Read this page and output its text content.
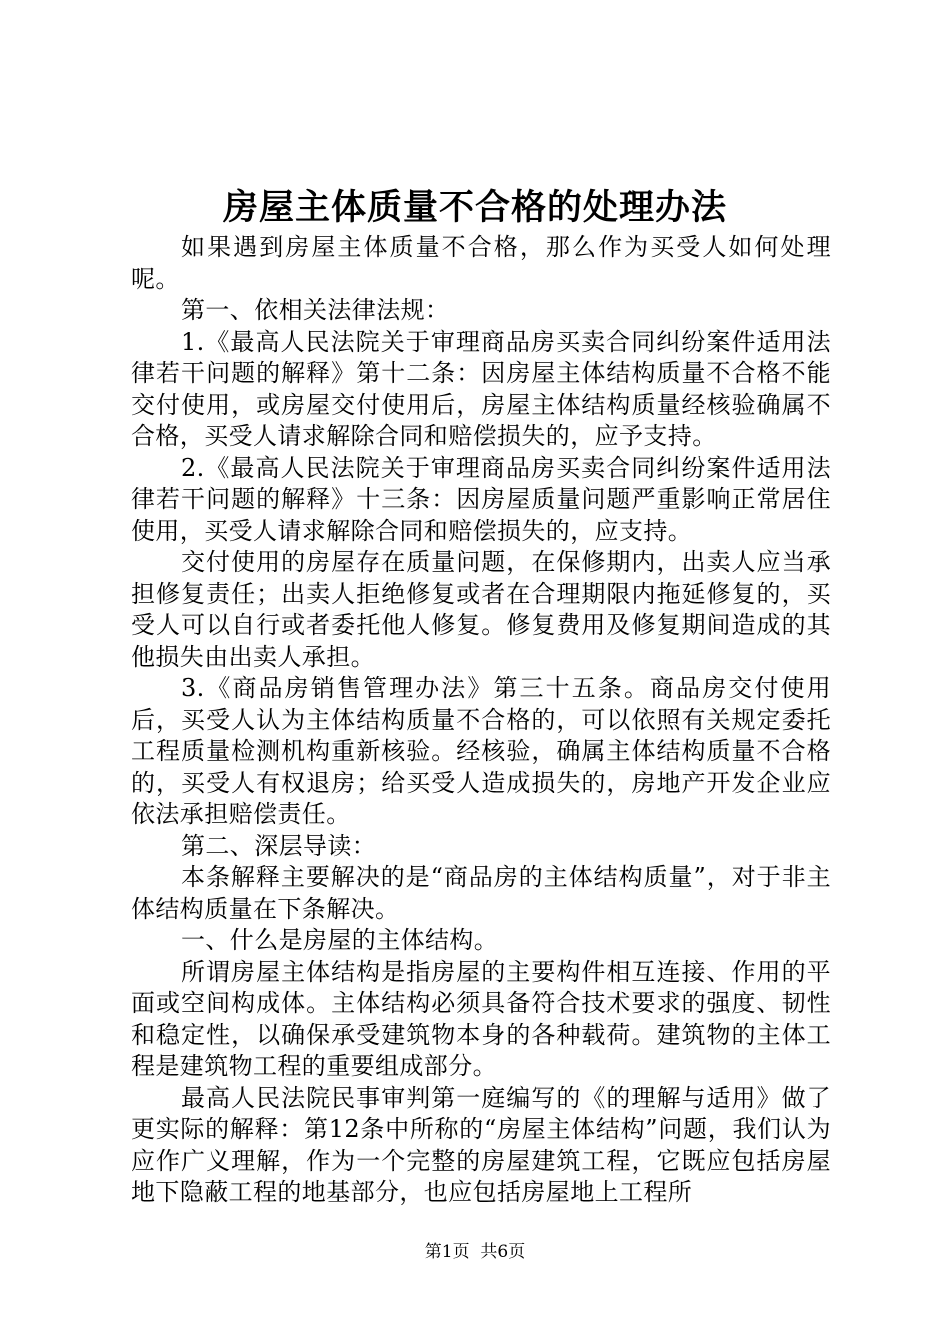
房屋主体质量不合格的处理办法

如果遇到房屋主体质量不合格，那么作为买受人如何处理呢。

第一、依相关法律法规：

1.《最高人民法院关于审理商品房买卖合同纠纷案件适用法律若干问题的解释》第十二条：因房屋主体结构质量不合格不能交付使用，或房屋交付使用后，房屋主体结构质量经核验确属不合格，买受人请求解除合同和赔偿损失的，应予支持。

2.《最高人民法院关于审理商品房买卖合同纠纷案件适用法律若干问题的解释》十三条：因房屋质量问题严重影响正常居住使用，买受人请求解除合同和赔偿损失的，应支持。

交付使用的房屋存在质量问题，在保修期内，出卖人应当承担修复责任；出卖人拒绝修复或者在合理期限内拖延修复的，买受人可以自行或者委托他人修复。修复费用及修复期间造成的其他损失由出卖人承担。

3.《商品房销售管理办法》第三十五条。商品房交付使用后，买受人认为主体结构质量不合格的，可以依照有关规定委托工程质量检测机构重新核验。经核验，确属主体结构质量不合格的，买受人有权退房；给买受人造成损失的，房地产开发企业应依法承担赔偿责任。

第二、深层导读：

本条解释主要解决的是“商品房的主体结构质量”，对于非主体结构质量在下条解决。

一、什么是房屋的主体结构。

所谓房屋主体结构是指房屋的主要构件相互连接、作用的平面或空间构成体。主体结构必须具备符合技术要求的强度、韧性和稳定性，以确保承受建筑物本身的各种载荷。建筑物的主体工程是建筑物工程的重要组成部分。

最高人民法院民事审判第一庭编写的《的理解与适用》做了更实际的解释：第12条中所称的“房屋主体结构”问题，我们认为应作广义理解，作为一个完整的房屋建筑工程，它既应包括房屋地下隐蔽工程的地基部分，也应包括房屋地上工程所

第1页 共6页
